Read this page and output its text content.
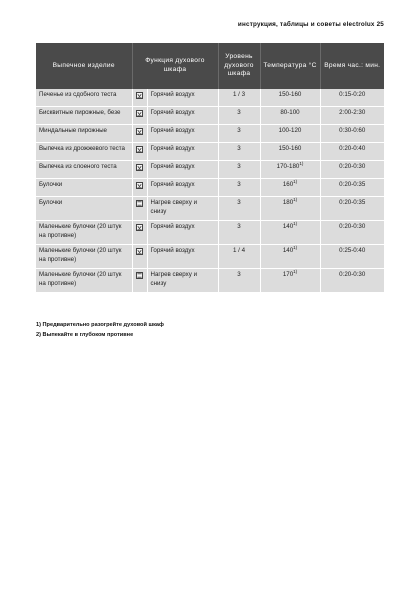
инструкция, таблицы и советы electrolux 25
Выпечное изделие	Функция духового шкафа		Уровень духового шкафа	Температура °C	Время час.: мин.
Печенье из сдобного теста		Горячий воздух	1 / 3	150-160	0:15-0:20
Бисквитные пирожные, безе		Горячий воздух	3	80-100	2:00-2:30
Миндальные пирожные		Горячий воздух	3	100-120	0:30-0:60
Выпечка из дрожжевого теста		Горячий воздух	3	150-160	0:20-0:40
Выпечка из слоеного теста		Горячий воздух	3	170-180$^{1)}$	0:20-0:30
Булочки		Горячий воздух	3	160$^{1)}$	0:20-0:35
Булочки		Нагрев сверху и снизу	3	180$^{1)}$	0:20-0:35
Маленькие булочки (20 штук на противне)		Горячий воздух	3	140$^{1)}$	0:20-0:30
Маленькие булочки (20 штук на противне)		Горячий воздух	1 / 4	140$^{1)}$	0:25-0:40
Маленькие булочки (20 штук на противне)		Нагрев сверху и снизу	3	170$^{1)}$	0:20-0:30
1) Предварительно разогрейте духовой шкаф
2) Выпекайте в глубоком противне
